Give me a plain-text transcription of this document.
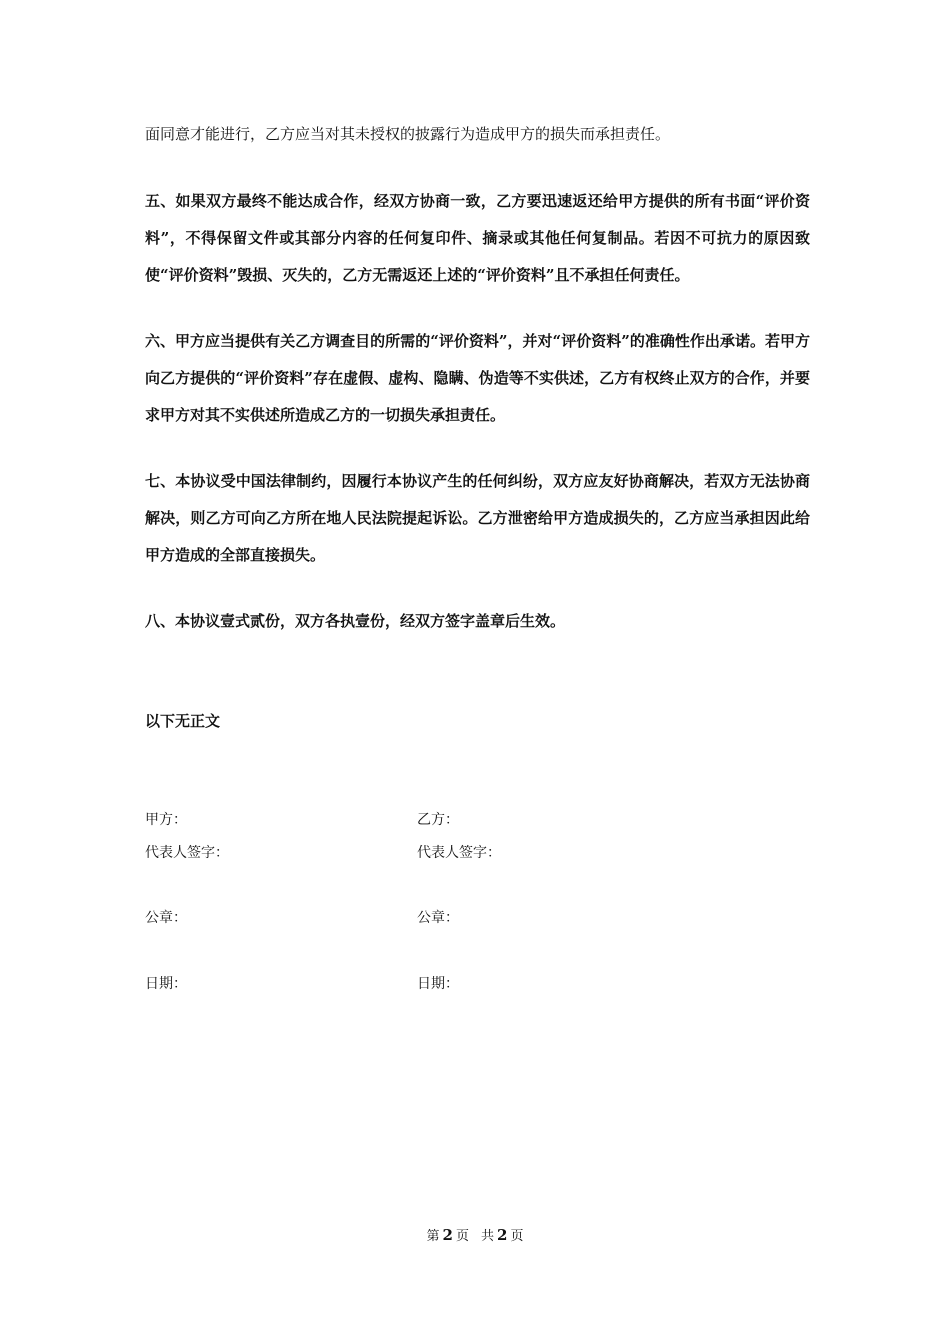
面同意才能进行，乙方应当对其未授权的披露行为造成甲方的损失而承担责任。

五、如果双方最终不能达成合作，经双方协商一致，乙方要迅速返还给甲方提供的所有书面“评价资料”，不得保留文件或其部分内容的任何复印件、摘录或其他任何复制品。若因不可抗力的原因致使“评价资料”毁损、灭失的，乙方无需返还上述的“评价资料”且不承担任何责任。

六、甲方应当提供有关乙方调查目的所需的“评价资料”，并对“评价资料”的准确性作出承诺。若甲方向乙方提供的“评价资料”存在虚假、虚构、隐瞒、伪造等不实供述，乙方有权终止双方的合作，并要求甲方对其不实供述所造成乙方的一切损失承担责任。

七、本协议受中国法律制约，因履行本协议产生的任何纠纷，双方应友好协商解决，若双方无法协商解决，则乙方可向乙方所在地人民法院提起诉讼。乙方泄密给甲方造成损失的，乙方应当承担因此给甲方造成的全部直接损失。

八、本协议壹式贰份，双方各执壹份，经双方签字盖章后生效。

以下无正文

甲方：	乙方：

代表人签字：	代表人签字：

公章：	公章：

日期：	日期：

第 2 页 共 2 页
